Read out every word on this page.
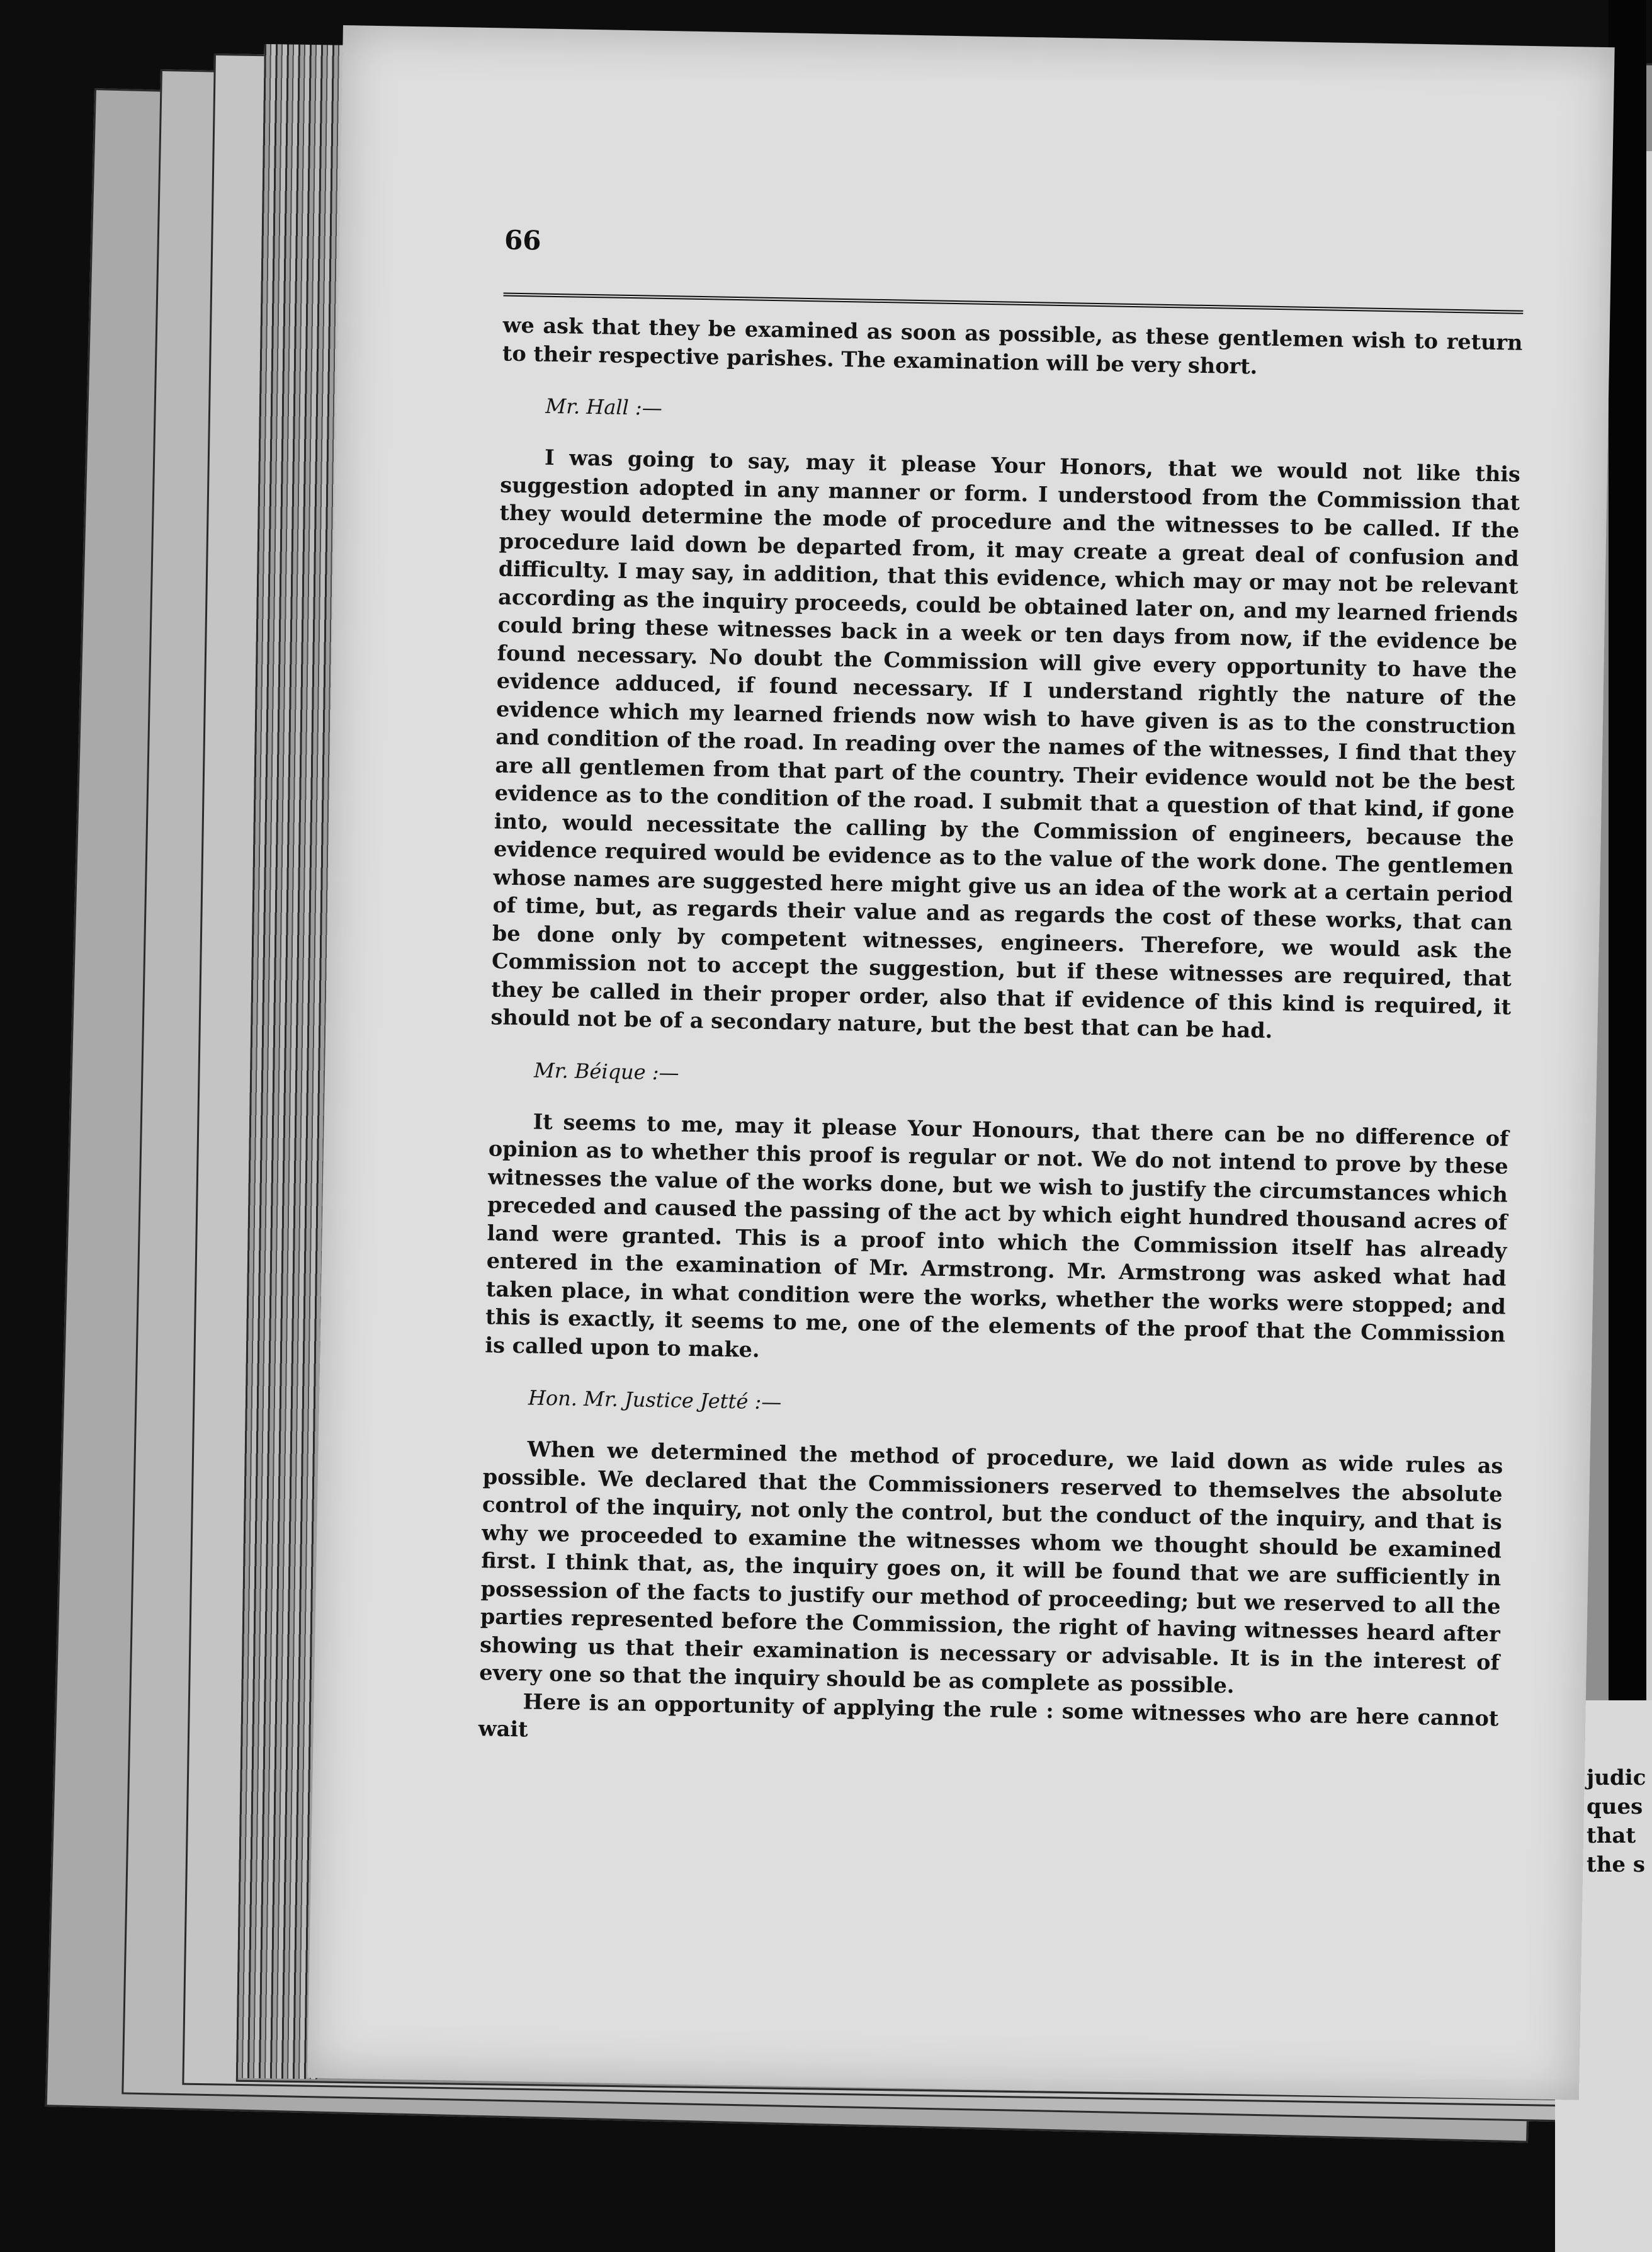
judic
ques
that
the s
66

we ask that they be examined as soon as possible, as these gentlemen wish to return to their respective parishes. The examination will be very short.

Mr. Hall :—

I was going to say, may it please Your Honors, that we would not like this suggestion adopted in any manner or form. I understood from the Commission that they would determine the mode of procedure and the witnesses to be called. If the procedure laid down be departed from, it may create a great deal of confusion and difficulty. I may say, in addition, that this evidence, which may or may not be relevant according as the inquiry proceeds, could be obtained later on, and my learned friends could bring these witnesses back in a week or ten days from now, if the evidence be found necessary. No doubt the Commission will give every opportunity to have the evidence adduced, if found necessary. If I understand rightly the nature of the evidence which my learned friends now wish to have given is as to the construction and condition of the road. In reading over the names of the witnesses, I find that they are all gentlemen from that part of the country. Their evidence would not be the best evidence as to the condition of the road. I submit that a question of that kind, if gone into, would necessitate the calling by the Commission of engineers, because the evidence required would be evidence as to the value of the work done. The gentlemen whose names are suggested here might give us an idea of the work at a certain period of time, but, as regards their value and as regards the cost of these works, that can be done only by competent witnesses, engineers. Therefore, we would ask the Commission not to accept the suggestion, but if these witnesses are required, that they be called in their proper order, also that if evidence of this kind is required, it should not be of a secondary nature, but the best that can be had.

Mr. Béique :—

It seems to me, may it please Your Honours, that there can be no difference of opinion as to whether this proof is regular or not. We do not intend to prove by these witnesses the value of the works done, but we wish to justify the circumstances which preceded and caused the passing of the act by which eight hundred thousand acres of land were granted. This is a proof into which the Commission itself has already entered in the examination of Mr. Armstrong. Mr. Armstrong was asked what had taken place, in what condition were the works, whether the works were stopped; and this is exactly, it seems to me, one of the elements of the proof that the Commission is called upon to make.

Hon. Mr. Justice Jetté :—

When we determined the method of procedure, we laid down as wide rules as possible. We declared that the Commissioners reserved to themselves the absolute control of the inquiry, not only the control, but the conduct of the inquiry, and that is why we proceeded to examine the witnesses whom we thought should be examined first. I think that, as, the inquiry goes on, it will be found that we are sufficiently in possession of the facts to justify our method of proceeding; but we reserved to all the parties represented before the Commission, the right of having witnesses heard after showing us that their examination is necessary or advisable. It is in the interest of every one so that the inquiry should be as complete as possible.

Here is an opportunity of applying the rule : some witnesses who are here cannot wait
